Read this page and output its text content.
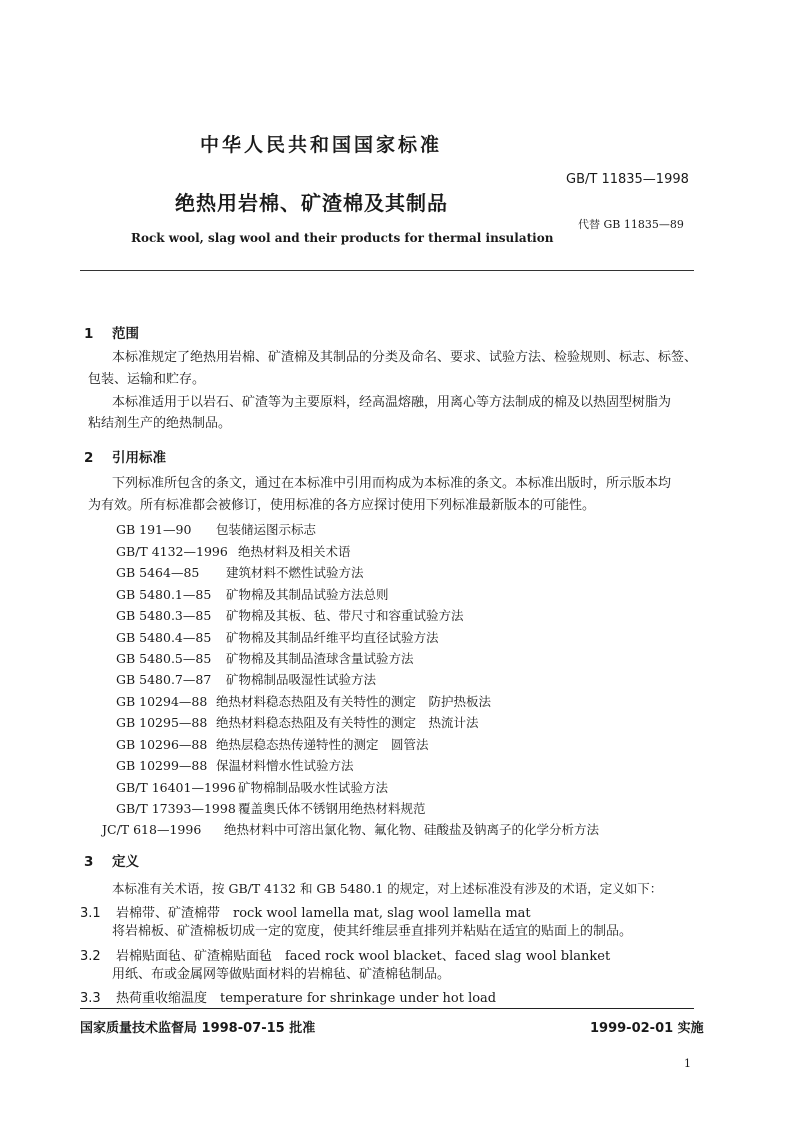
中华人民共和国国家标准
GB/T 11835—1998
绝热用岩棉、矿渣棉及其制品
代替 GB 11835—89
Rock wool, slag wool and their products for thermal insulation
1 范围
本标准规定了绝热用岩棉、矿渣棉及其制品的分类及命名、要求、试验方法、检验规则、标志、标签、
包装、运输和贮存。
本标准适用于以岩石、矿渣等为主要原料，经高温熔融，用离心等方法制成的棉及以热固型树脂为
粘结剂生产的绝热制品。
2 引用标准
下列标准所包含的条文，通过在本标准中引用而构成为本标准的条文。本标准出版时，所示版本均
为有效。所有标准都会被修订，使用标准的各方应探讨使用下列标准最新版本的可能性。
GB 191—90 包装储运图示标志
GB/T 4132—1996 绝热材料及相关术语
GB 5464—85 建筑材料不燃性试验方法
GB 5480.1—85 矿物棉及其制品试验方法总则
GB 5480.3—85 矿物棉及其板、毡、带尺寸和容重试验方法
GB 5480.4—85 矿物棉及其制品纤维平均直径试验方法
GB 5480.5—85 矿物棉及其制品渣球含量试验方法
GB 5480.7—87 矿物棉制品吸湿性试验方法
GB 10294—88 绝热材料稳态热阻及有关特性的测定　防护热板法
GB 10295—88 绝热材料稳态热阻及有关特性的测定　热流计法
GB 10296—88 绝热层稳态热传递特性的测定　圆管法
GB 10299—88 保温材料憎水性试验方法
GB/T 16401—1996 矿物棉制品吸水性试验方法
GB/T 17393—1998 覆盖奥氏体不锈钢用绝热材料规范
JC/T 618—1996 绝热材料中可溶出氯化物、氟化物、硅酸盐及钠离子的化学分析方法
3 定义
本标准有关术语，按 GB/T 4132 和 GB 5480.1 的规定，对上述标准没有涉及的术语，定义如下：
3.1 岩棉带、矿渣棉带　rock wool lamella mat, slag wool lamella mat
将岩棉板、矿渣棉板切成一定的宽度，使其纤维层垂直排列并粘贴在适宜的贴面上的制品。
3.2 岩棉贴面毡、矿渣棉贴面毡　faced rock wool blacket、faced slag wool blanket
用纸、布或金属网等做贴面材料的岩棉毡、矿渣棉毡制品。
3.3 热荷重收缩温度　temperature for shrinkage under hot load
国家质量技术监督局 1998-07-15 批准	1999-02-01 实施
1
